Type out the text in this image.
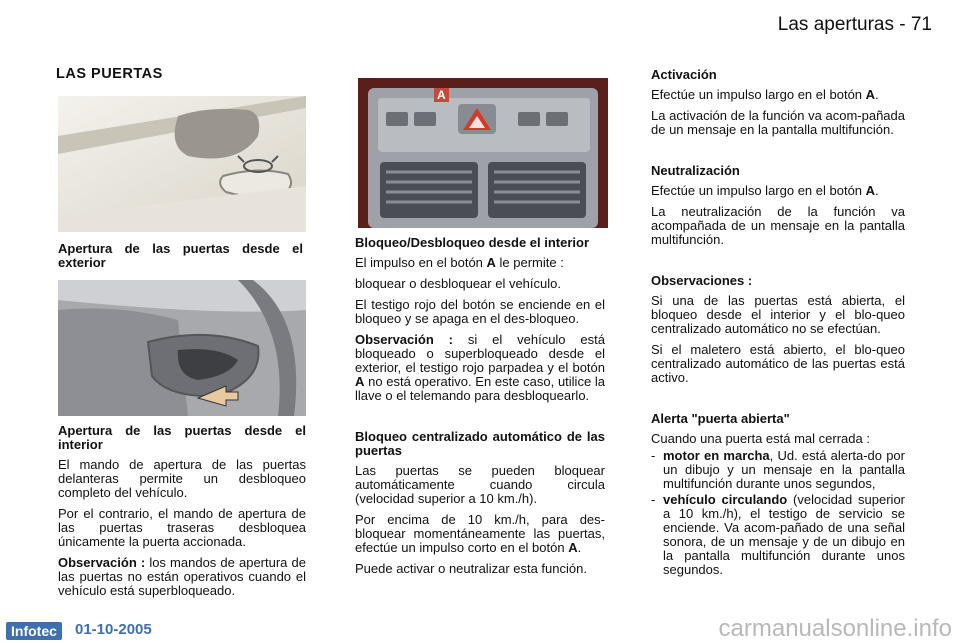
Las aperturas - 71
LAS PUERTAS
Apertura de las puertas desde el exterior
Apertura de las puertas desde el interior

El mando de apertura de las puertas delanteras permite un desbloqueo completo del vehículo.

Por el contrario, el mando de apertura de las puertas traseras desbloquea únicamente la puerta accionada.

Observación : los mandos de apertura de las puertas no están operativos cuando el vehículo está superbloqueado.

A
Bloqueo/Desbloqueo desde el interior

El impulso en el botón A le permite :

bloquear o desbloquear el vehículo.

El testigo rojo del botón se enciende en el bloqueo y se apaga en el des-bloqueo.

Observación : si el vehículo está bloqueado o superbloqueado desde el exterior, el testigo rojo parpadea y el botón A no está operativo. En este caso, utilice la llave o el telemando para desbloquearlo.

Bloqueo centralizado automático de las puertas

Las puertas se pueden bloquear automáticamente cuando circula (velocidad superior a 10 km./h).

Por encima de 10 km./h, para des-bloquear momentáneamente las puertas, efectúe un impulso corto en el botón A.

Puede activar o neutralizar esta función.

Activación

Efectúe un impulso largo en el botón A.

La activación de la función va acom-pañada de un mensaje en la pantalla multifunción.

Neutralización

Efectúe un impulso largo en el botón A.

La neutralización de la función va acompañada de un mensaje en la pantalla multifunción.

Observaciones :

Si una de las puertas está abierta, el bloqueo desde el interior y el blo-queo centralizado automático no se efectúan.

Si el maletero está abierto, el blo-queo centralizado automático de las puertas está activo.

Alerta "puerta abierta"

Cuando una puerta está mal cerrada :

- motor en marcha, Ud. está alerta-do por un dibujo y un mensaje en la pantalla multifunción durante unos segundos,
- vehículo circulando (velocidad superior a 10 km./h), el testigo de servicio se enciende. Va acom-pañado de una señal sonora, de un mensaje y de un dibujo en la pantalla multifunción durante unos segundos.
Infotec	01-10-2005	carmanualsonline.info
